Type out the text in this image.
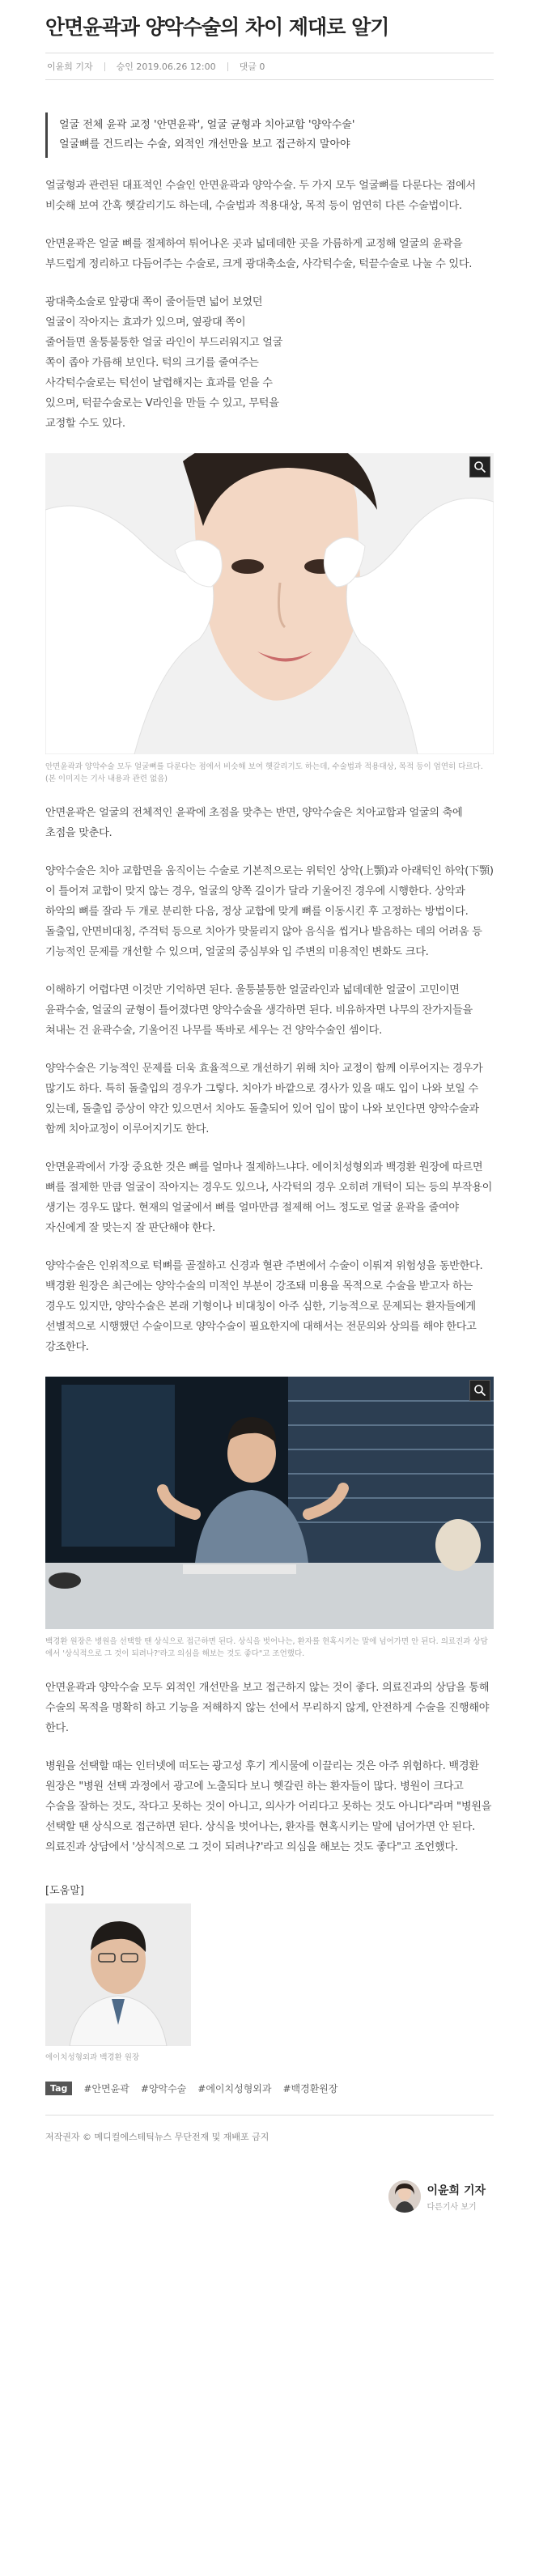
안면윤곽과 양악수술의 차이 제대로 알기
이윤희 기자	승인 2019.06.26 12:00	댓글 0
얼굴 전체 윤곽 교정 '안면윤곽', 얼굴 균형과 치아교합 '양악수술'
얼굴뼈를 건드리는 수술, 외적인 개선만을 보고 접근하지 말아야

얼굴형과 관련된 대표적인 수술인 안면윤곽과 양악수술. 두 가지 모두 얼굴뼈를 다룬다는 점에서 비슷해 보여 간혹 헷갈리기도 하는데, 수술법과 적용대상, 목적 등이 엄연히 다른 수술법이다.

안면윤곽은 얼굴 뼈를 절제하여 튀어나온 곳과 넓데데한 곳을 가름하게 교정해 얼굴의 윤곽을 부드럽게 정리하고 다듬어주는 수술로, 크게 광대축소술, 사각턱수술, 턱끝수술로 나눌 수 있다.

광대축소술로 앞광대 쪽이 줄어들면 넓어 보였던 얼굴이 작아지는 효과가 있으며, 옆광대 쪽이 줄어들면 울퉁불퉁한 얼굴 라인이 부드러워지고 얼굴 쪽이 좁아 가름해 보인다. 턱의 크기를 줄여주는 사각턱수술로는 턱선이 날렵해지는 효과를 얻을 수 있으며, 턱끝수술로는 V라인을 만들 수 있고, 무턱을 교정할 수도 있다.

안면윤곽과 양악수술 모두 얼굴뼈를 다룬다는 점에서 비슷해 보여 헷갈리기도 하는데, 수술법과 적용대상, 목적 등이 엄연히 다르다. (본 이미지는 기사 내용과 관련 없음)

안면윤곽은 얼굴의 전체적인 윤곽에 초점을 맞추는 반면, 양악수술은 치아교합과 얼굴의 축에 초점을 맞춘다.

양악수술은 치아 교합면을 움직이는 수술로 기본적으로는 위턱인 상악(上顎)과 아래턱인 하악(下顎)이 틀어져 교합이 맞지 않는 경우, 얼굴의 양쪽 길이가 달라 기울어진 경우에 시행한다. 상악과 하악의 뼈를 잘라 두 개로 분리한 다음, 정상 교합에 맞게 뼈를 이동시킨 후 고정하는 방법이다. 돌출입, 안면비대칭, 주걱턱 등으로 치아가 맞물리지 않아 음식을 씹거나 발음하는 데의 어려움 등 기능적인 문제를 개선할 수 있으며, 얼굴의 중심부와 입 주변의 미용적인 변화도 크다.

이해하기 어렵다면 이것만 기억하면 된다. 울퉁불퉁한 얼굴라인과 넓데데한 얼굴이 고민이면 윤곽수술, 얼굴의 균형이 틀어졌다면 양악수술을 생각하면 된다. 비유하자면 나무의 잔가지들을 쳐내는 건 윤곽수술, 기울어진 나무를 똑바로 세우는 건 양악수술인 셈이다.

양악수술은 기능적인 문제를 더욱 효율적으로 개선하기 위해 치아 교정이 함께 이루어지는 경우가 많기도 하다. 특히 돌출입의 경우가 그렇다. 치아가 바깥으로 경사가 있을 때도 입이 나와 보일 수 있는데, 돌출입 증상이 약간 있으면서 치아도 돌출되어 있어 입이 많이 나와 보인다면 양악수술과 함께 치아교정이 이루어지기도 한다.

안면윤곽에서 가장 중요한 것은 뼈를 얼마나 절제하느냐다. 에이치성형외과 백경환 원장에 따르면 뼈를 절제한 만큼 얼굴이 작아지는 경우도 있으나, 사각턱의 경우 오히려 개턱이 되는 등의 부작용이 생기는 경우도 많다. 현재의 얼굴에서 뼈를 얼마만큼 절제해 어느 정도로 얼굴 윤곽을 줄여야 자신에게 잘 맞는지 잘 판단해야 한다.

양악수술은 인위적으로 턱뼈를 골절하고 신경과 혈관 주변에서 수술이 이뤄져 위험성을 동반한다. 백경환 원장은 최근에는 양악수술의 미적인 부분이 강조돼 미용을 목적으로 수술을 받고자 하는 경우도 있지만, 양악수술은 본래 기형이나 비대칭이 아주 심한, 기능적으로 문제되는 환자들에게 선별적으로 시행했던 수술이므로 양악수술이 필요한지에 대해서는 전문의와 상의를 해야 한다고 강조한다.

백경환 원장은 병원을 선택할 땐 상식으로 접근하면 된다. 상식을 벗어나는, 환자를 현혹시키는 말에 넘어가면 안 된다. 의료진과 상담에서 '상식적으로 그 것이 되려나?'라고 의심을 해보는 것도 좋다"고 조언했다.

안면윤곽과 양악수술 모두 외적인 개선만을 보고 접근하지 않는 것이 좋다. 의료진과의 상담을 통해 수술의 목적을 명확히 하고 기능을 저해하지 않는 선에서 무리하지 않게, 안전하게 수술을 진행해야 한다.

병원을 선택할 때는 인터넷에 떠도는 광고성 후기 게시물에 이끌리는 것은 아주 위험하다. 백경환 원장은 "병원 선택 과정에서 광고에 노출되다 보니 헷갈린 하는 환자들이 많다. 병원이 크다고 수술을 잘하는 것도, 작다고 못하는 것이 아니고, 의사가 어리다고 못하는 것도 아니다"라며 "병원을 선택할 땐 상식으로 접근하면 된다. 상식을 벗어나는, 환자를 현혹시키는 말에 넘어가면 안 된다. 의료진과 상담에서 '상식적으로 그 것이 되려나?'라고 의심을 해보는 것도 좋다"고 조언했다.

[도움말]
에이치성형외과 백경환 원장
Tag	#안면윤곽 #양악수술 #에이치성형외과 #백경환원장
저작권자 © 메디컬에스테틱뉴스 무단전재 및 재배포 금지
이윤희 기자
다른기사 보기
